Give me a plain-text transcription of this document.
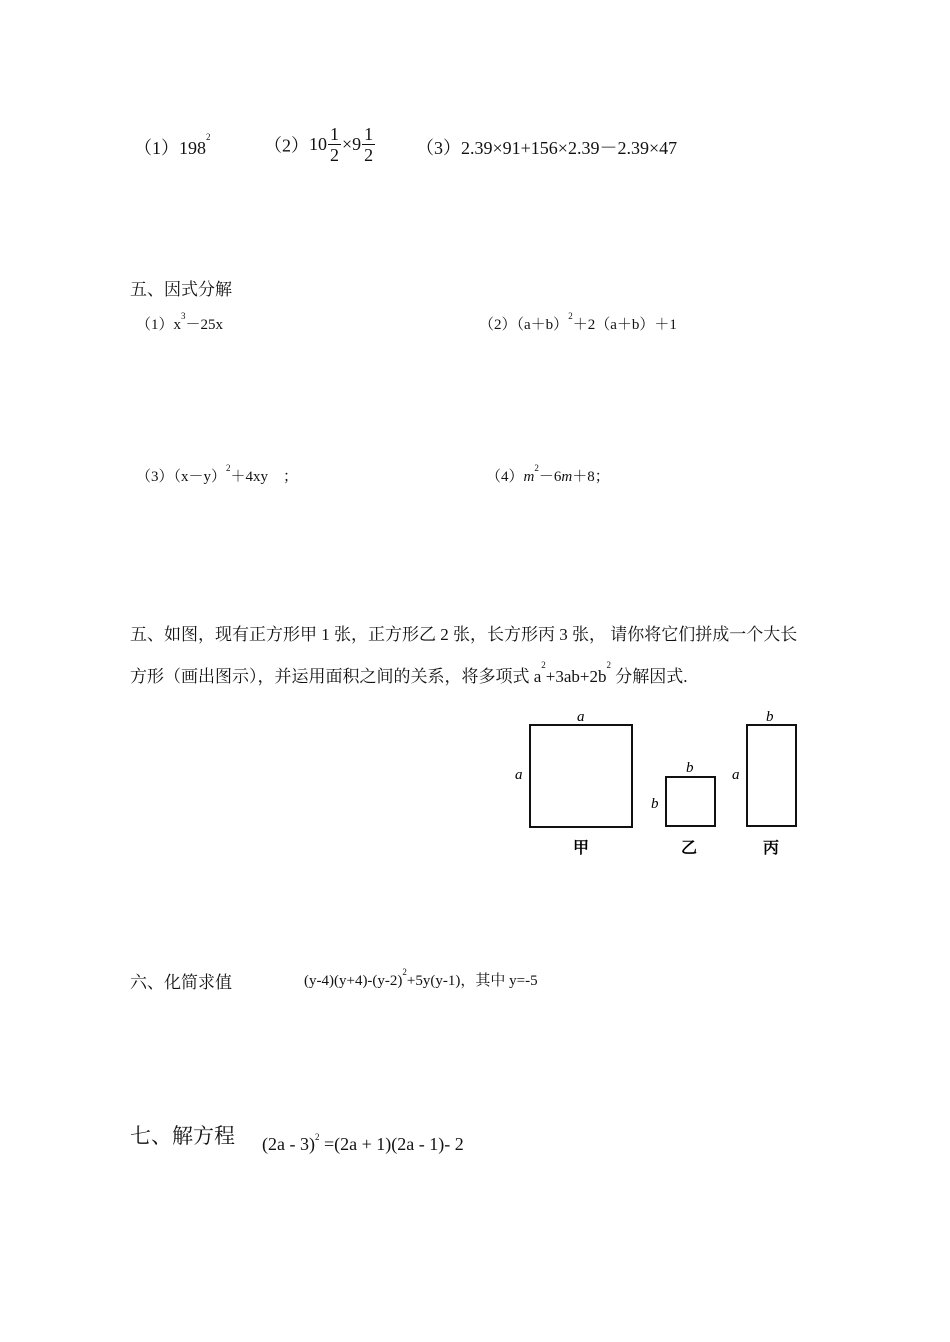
$(1)198^2$	$(2)10 \frac{1}{2} \times 9 \frac{1}{2} (3)2.39\times 91+156\times 2.39-2.39\times 47$
五、因式分解
$(1)x^3-25x$	$(2)(a+b)^2+2(a+b)+1$
$(3)(x-y)^2+4xy$　；	$(4)m^2-6m+8$；
五、如图，现有正方形甲 1 张，正方形乙 2 张，长方形丙 3 张， 请你将它们拼成一个大长
方形（画出图示），并运用面积之间的关系，将多项式 $a^2+3ab+2b^2$ 分解因式.
a
a
甲
b
b
乙
b
a
丙
六、化简求值	$(y-4)(y+4)-(y-2)^2+5y(y-1)$，其中 y=-5
七、解方程 (2a - 3)$^2$ =(2a + 1)(2a - 1)- 2
